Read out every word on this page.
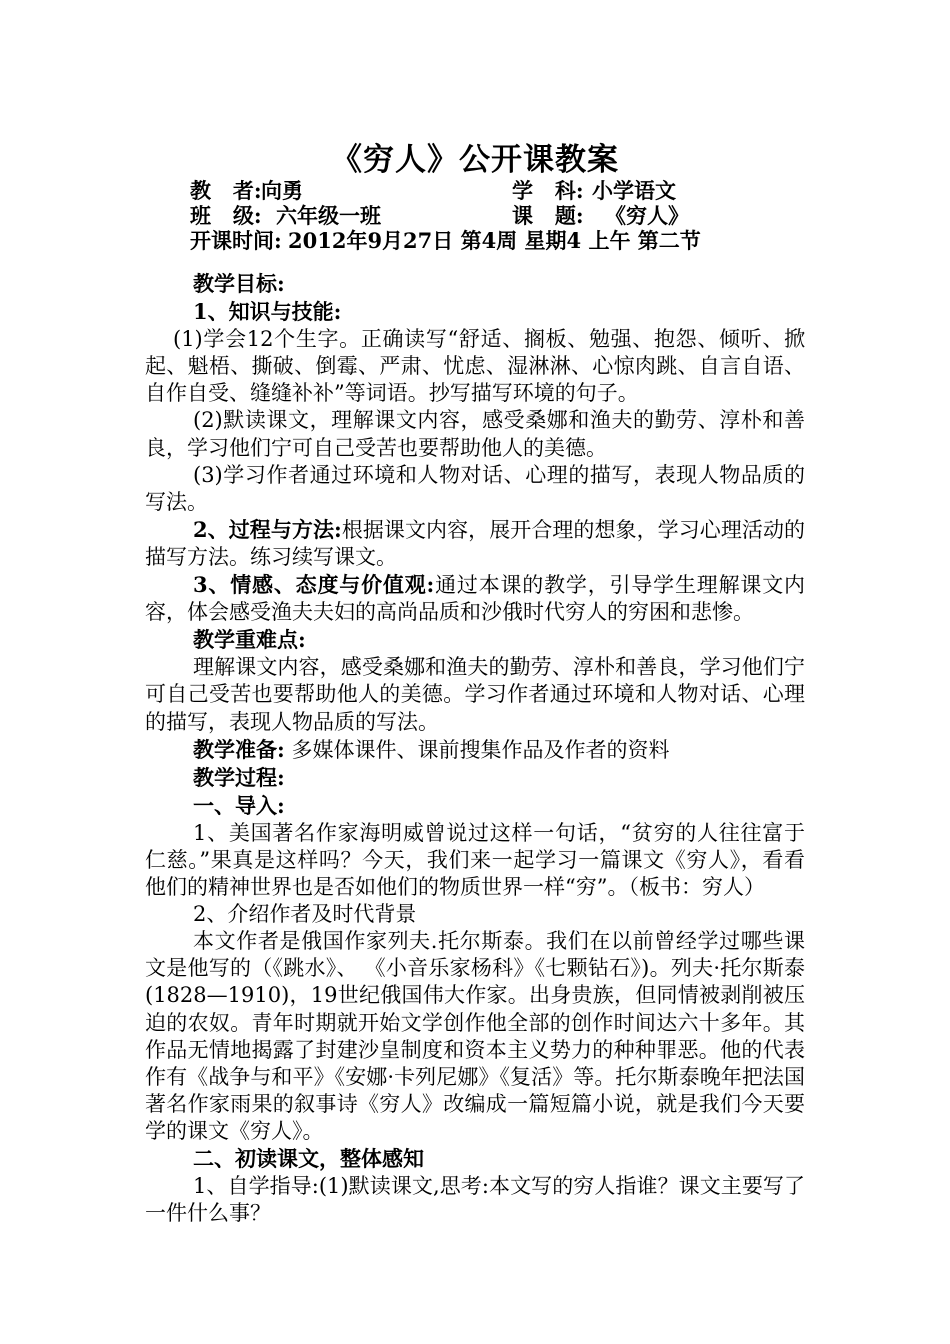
《穷人》公开课教案
教   者: 向勇	学   科: 小学语文
班   级: 六年级一班	课   题: 《穷人》
开课时间: 2012年9月27日 第4周 星期4 上午 第二节

教学目标:

1、知识与技能:

(1)学会12个生字。正确读写“舒适、搁板、勉强、抱怨、倾听、掀起、魁梧、撕破、倒霉、严肃、忧虑、湿淋淋、心惊肉跳、自言自语、自作自受、缝缝补补”等词语。抄写描写环境的句子。

(2)默读课文，理解课文内容，感受桑娜和渔夫的勤劳、淳朴和善良，学习他们宁可自己受苦也要帮助他人的美德。

(3)学习作者通过环境和人物对话、心理的描写，表现人物品质的写法。

2、过程与方法:根据课文内容，展开合理的想象，学习心理活动的描写方法。练习续写课文。

3、情感、态度与价值观:通过本课的教学，引导学生理解课文内容，体会感受渔夫夫妇的高尚品质和沙俄时代穷人的穷困和悲惨。

教学重难点:

理解课文内容，感受桑娜和渔夫的勤劳、淳朴和善良，学习他们宁可自己受苦也要帮助他人的美德。学习作者通过环境和人物对话、心理的描写，表现人物品质的写法。

教学准备: 多媒体课件、课前搜集作品及作者的资料

教学过程:

一、导入:

1、美国著名作家海明威曾说过这样一句话，“贫穷的人往往富于仁慈。”果真是这样吗？今天，我们来一起学习一篇课文《穷人》，看看他们的精神世界也是否如他们的物质世界一样“穷”。（板书：穷人）

2、介绍作者及时代背景

本文作者是俄国作家列夫.托尔斯泰。我们在以前曾经学过哪些课文是他写的（《跳水》、 《小音乐家杨科》《七颗钻石》)。列夫·托尔斯泰(1828—1910)，19世纪俄国伟大作家。出身贵族，但同情被剥削被压迫的农奴。青年时期就开始文学创作他全部的创作时间达六十多年。其作品无情地揭露了封建沙皇制度和资本主义势力的种种罪恶。他的代表作有《战争与和平》《安娜·卡列尼娜》《复活》等。托尔斯泰晚年把法国著名作家雨果的叙事诗《穷人》改编成一篇短篇小说，就是我们今天要学的课文《穷人》。

二、初读课文，整体感知

1、自学指导:(1)默读课文,思考:本文写的穷人指谁？课文主要写了一件什么事？
